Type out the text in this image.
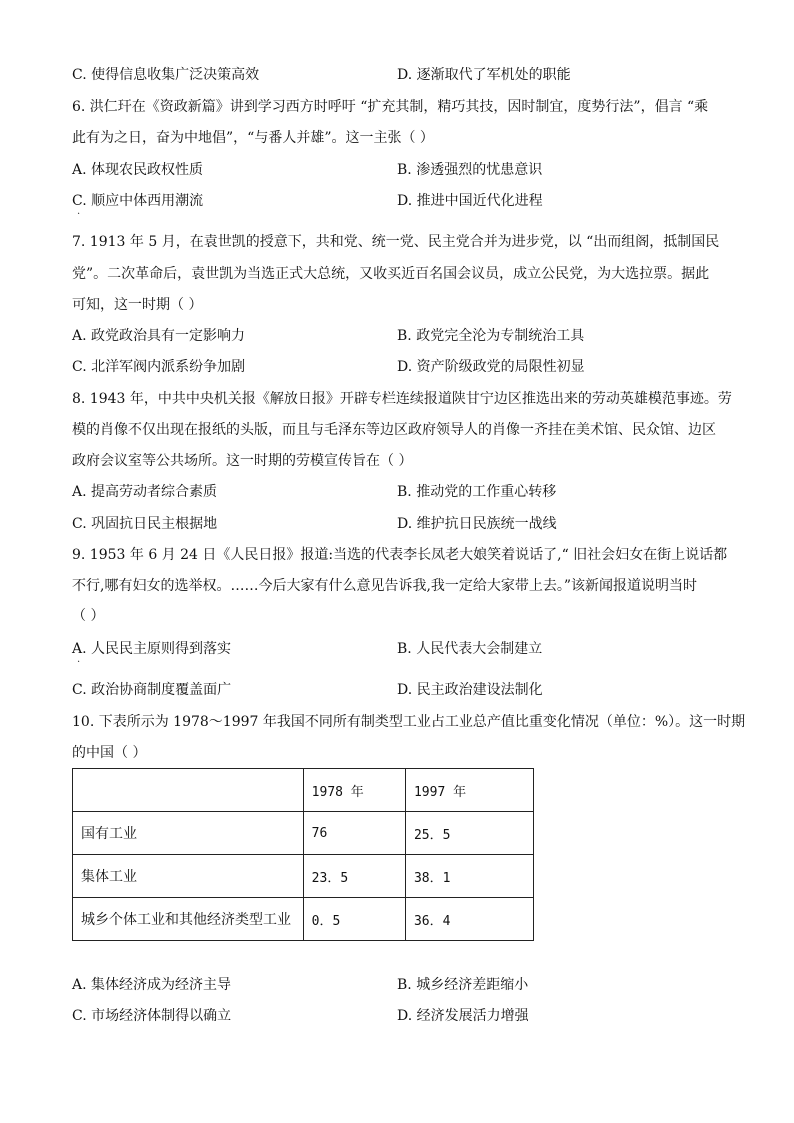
C. 使得信息收集广泛决策高效	D. 逐渐取代了军机处的职能
6. 洪仁玕在《资政新篇》讲到学习西方时呼吁 “扩充其制，精巧其技，因时制宜，度势行法”，倡言 “乘
此有为之日，奋为中地倡”，“与番人并雄”。这一主张（ ）
A. 体现农民政权性质	B. 渗透强烈的忧患意识
C. 顺应中体西用潮流	D. 推进中国近代化进程
.
7. 1913 年 5 月，在袁世凯的授意下，共和党、统一党、民主党合并为进步党，以 “出而组阁，抵制国民
党”。二次革命后，袁世凯为当选正式大总统，又收买近百名国会议员，成立公民党，为大选拉票。据此
可知，这一时期（ ）
A. 政党政治具有一定影响力	B. 政党完全沦为专制统治工具
C. 北洋军阀内派系纷争加剧	D. 资产阶级政党的局限性初显
8. 1943 年，中共中央机关报《解放日报》开辟专栏连续报道陕甘宁边区推选出来的劳动英雄模范事迹。劳
模的肖像不仅出现在报纸的头版，而且与毛泽东等边区政府领导人的肖像一齐挂在美术馆、民众馆、边区
政府会议室等公共场所。这一时期的劳模宣传旨在（ ）
A. 提高劳动者综合素质	B. 推动党的工作重心转移
C. 巩固抗日民主根据地	D. 维护抗日民族统一战线
9. 1953 年 6 月 24 日《人民日报》报道:当选的代表李长凤老大娘笑着说话了,“ 旧社会妇女在街上说话都
不行,哪有妇女的选举权。……今后大家有什么意见告诉我,我一定给大家带上去。”该新闻报道说明当时
（ ）
A. 人民民主原则得到落实	B. 人民代表大会制建立
.
C. 政治协商制度覆盖面广	D. 民主政治建设法制化
10. 下表所示为 1978～1997 年我国不同所有制类型工业占工业总产值比重变化情况（单位：%）。这一时期
的中国（ ）
	1978 年	1997 年
国有工业	76	25．5
集体工业	23．5	38．1
城乡个体工业和其他经济类型工业	0．5	36．4
A. 集体经济成为经济主导	B. 城乡经济差距缩小
C. 市场经济体制得以确立	D. 经济发展活力增强
